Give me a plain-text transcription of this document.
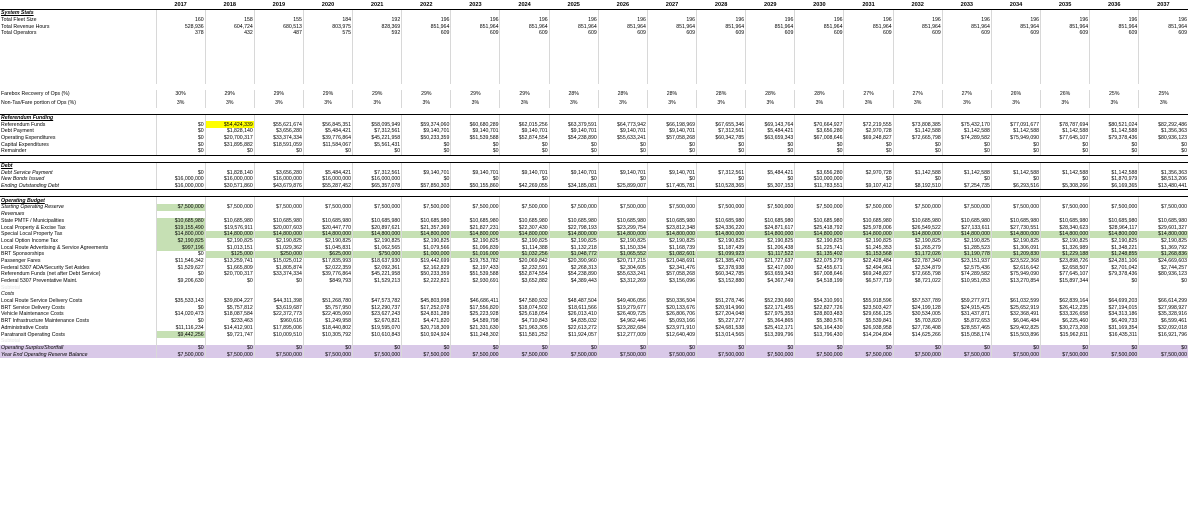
	2017	2018	2019	2020	2021	2022	2023	2024	2025	2026	2027	2028	2029	2030	2031	2032	2033	2034	2035	2036	2037
System Stats																					
Total Fleet Size	160	158	155	184	192	196	196	196	196	196	196	196	196	196	196	196	196	196	196	196	196
Total Revenue Hours	528,936	604,724	680,513	803,975	828,369	851,964	851,964	851,964	851,964	851,964	851,964	851,964	851,964	851,964	851,964	851,964	851,964	851,964	851,964	851,964	851,964
Total Operators	378	432	487	575	592	609	609	609	609	609	609	609	609	609	609	609	609	609	609	609	609

Farebox Recovery of Ops (%)	30%	29%	29%	29%	29%	29%	29%	29%	28%	28%	28%	28%	28%	28%	27%	27%	27%	26%	26%	25%	25%
Non-Tax/Fare portion of Ops (%)	3%	3%	3%	3%	3%	3%	3%	3%	3%	3%	3%	3%	3%	3%	3%	3%	3%	3%	3%	3%	3%

Referendum Funding																					
Referendum Funds	$0	$54,424,339	$55,621,674	$56,845,351	$58,095,949	$59,374,060	$60,680,289	$62,015,256	$63,379,591	$64,773,942	$66,198,969	$67,655,346	$69,143,764	$70,664,927	$72,219,555	$73,808,385	$75,432,170	$77,091,677	$78,787,694	$80,521,024	$82,292,486
Debt Payment	$0	$1,828,140	$3,656,280	$5,484,421	$7,312,561	$9,140,701	$9,140,701	$9,140,701	$9,140,701	$9,140,701	$9,140,701	$7,312,561	$5,484,421	$3,656,280	$2,970,728	$1,142,588	$1,142,588	$1,142,588	$1,142,588	$1,142,588	$1,356,363
Operating Expenditures	$0	$20,700,317	$33,374,334	$39,776,864	$45,221,958	$50,233,359	$51,539,588	$52,874,554	$54,238,890	$55,633,241	$57,058,268	$60,342,785	$63,659,343	$67,008,646	$69,248,827	$72,665,798	$74,289,582	$75,949,090	$77,645,107	$79,378,436	$80,936,123
Capital Expenditures	$0	$31,895,882	$18,591,059	$11,584,067	$5,561,431	$0	$0	$0	$0	$0	$0	$0	$0	$0	$0	$0	$0	$0	$0	$0	$0
Remainder	$0	$0	$0	$0	$0	$0	$0	$0	$0	$0	$0	$0	$0	$0	$0	$0	$0	$0	$0	$0	$0

Debt																					
Debt Service Payment	$0	$1,828,140	$3,656,280	$5,484,421	$7,312,561	$9,140,701	$9,140,701	$9,140,701	$9,140,701	$9,140,701	$9,140,701	$7,312,561	$5,484,421	$3,656,280	$2,970,728	$1,142,588	$1,142,588	$1,142,588	$1,142,588	$1,142,588	$1,356,363
New Bonds Issued	$16,000,000	$16,000,000	$16,000,000	$16,000,000	$16,000,000	$0	$0	$0	$0	$0	$0	$0	$0	$10,000,000	$0	$0	$0	$0	$0	$1,870,979	$8,513,206
Ending Outstanding Debt	$16,000,000	$30,571,860	$43,679,876	$55,287,452	$65,357,078	$57,850,303	$50,155,860	$42,269,055	$34,185,081	$25,899,007	$17,405,781	$10,528,365	$5,307,153	$11,783,551	$9,107,412	$8,192,510	$7,254,735	$6,293,516	$5,308,266	$6,169,365	$13,480,441

Operating Budget																					
Starting Operating Reserve	$7,500,000	$7,500,000	$7,500,000	$7,500,000	$7,500,000	$7,500,000	$7,500,000	$7,500,000	$7,500,000	$7,500,000	$7,500,000	$7,500,000	$7,500,000	$7,500,000	$7,500,000	$7,500,000	$7,500,000	$7,500,000	$7,500,000	$7,500,000	$7,500,000
Revenues																					
State PMTF / Municipalities	$10,685,980	$10,685,980	$10,685,980	$10,685,980	$10,685,980	$10,685,980	$10,685,980	$10,685,980	$10,685,980	$10,685,980	$10,685,980	$10,685,980	$10,685,980	$10,685,980	$10,685,980	$10,685,980	$10,685,980	$10,685,980	$10,685,980	$10,685,980	$10,685,980
Local Property & Excise Tax	$19,155,490	$19,576,911	$20,007,603	$20,447,770	$20,897,621	$21,357,369	$21,827,231	$22,307,430	$22,798,193	$23,299,754	$23,812,348	$24,336,220	$24,871,617	$25,418,792	$25,978,006	$26,549,522	$27,133,611	$27,730,551	$28,340,623	$28,964,117	$29,601,327
Special Local Property Tax	$14,800,000	$14,800,000	$14,800,000	$14,800,000	$14,800,000	$14,800,000	$14,800,000	$14,800,000	$14,800,000	$14,800,000	$14,800,000	$14,800,000	$14,800,000	$14,800,000	$14,800,000	$14,800,000	$14,800,000	$14,800,000	$14,800,000	$14,800,000	$14,800,000
Local Option Income Tax	$2,190,825	$2,190,825	$2,190,825	$2,190,825	$2,190,825	$2,190,825	$2,190,825	$2,190,825	$2,190,825	$2,190,825	$2,190,825	$2,190,825	$2,190,825	$2,190,825	$2,190,825	$2,190,825	$2,190,825	$2,190,825	$2,190,825	$2,190,825	$2,190,825
Local Route Advertising & Service Agreements	$997,196	$1,013,151	$1,029,362	$1,045,831	$1,062,565	$1,079,566	$1,096,839	$1,114,388	$1,132,218	$1,150,334	$1,168,739	$1,187,439	$1,206,438	$1,225,741	$1,245,353	$1,265,279	$1,285,523	$1,306,091	$1,326,989	$1,348,221	$1,369,792
BRT Sponsorships	$0	$125,000	$250,000	$625,000	$750,000	$1,000,000	$1,016,000	$1,032,256	$1,048,772	$1,065,552	$1,082,601	$1,099,923	$1,117,522	$1,135,402	$1,153,568	$1,172,026	$1,190,778	$1,209,830	$1,229,188	$1,248,855	$1,268,836
Passenger Fares	$11,546,342	$13,259,741	$15,025,012	$17,835,993	$18,637,930	$19,442,699	$19,753,782	$20,069,842	$20,390,960	$20,717,215	$21,048,691	$21,385,470	$21,727,637	$22,075,279	$22,428,484	$22,787,340	$23,151,937	$23,522,368	$23,898,726	$24,281,106	$24,669,603
Federal 5307 ADA/Security Set Asides	$1,529,627	$1,665,809	$1,805,874	$2,022,359	$2,092,361	$2,162,829	$2,197,433	$2,232,591	$2,268,313	$2,304,605	$2,341,476	$2,378,938	$2,417,000	$2,455,671	$2,494,961	$2,534,879	$2,575,436	$2,616,642	$2,658,507	$2,701,042	$2,744,257
Referendum Funds (net after Debt Service)	$0	$20,700,317	$33,374,334	$39,776,864	$45,221,958	$50,233,359	$51,539,588	$52,874,554	$54,238,890	$55,633,241	$57,058,268	$60,342,785	$63,659,343	$67,008,646	$69,248,827	$72,665,798	$74,289,582	$75,949,090	$77,645,107	$79,378,436	$80,936,123
Federal 5307 Preventative Maint.	$9,206,630	$0	$0	$849,793	$1,529,213	$2,222,821	$2,930,691	$3,652,882	$4,389,443	$3,312,269	$3,156,096	$3,152,880	$4,367,749	$4,518,199	$6,577,719	$8,721,022	$10,951,053	$13,270,854	$15,897,344	$0	$0
Subtotal																					
Costs																					
Local Route Service Delivery Costs	$35,533,143	$39,804,227	$44,311,398	$51,268,780	$47,573,782	$45,803,998	$46,686,411	$47,580,932	$48,487,504	$49,406,056	$50,336,504	$51,278,746	$52,230,660	$54,310,991	$55,918,596	$57,537,789	$59,277,971	$61,032,599	$62,839,164	$64,699,203	$66,614,299
BRT Service Delivery Costs	$0	$5,757,812	$3,619,687	$5,757,950	$12,290,737	$17,252,078	$17,556,820	$18,074,502	$18,611,566	$19,279,677	$20,133,676	$20,914,960	$22,171,455	$22,827,726	$23,503,427	$24,199,128	$24,915,425	$25,652,919	$26,412,235	$27,194,015	$27,998,927
Vehicle Maintenance Costs	$14,020,473	$18,087,584	$22,372,773	$22,405,060	$23,627,243	$24,831,289	$25,223,928	$25,618,054	$26,013,410	$26,409,725	$26,806,706	$27,204,048	$27,975,353	$28,803,483	$29,656,125	$30,534,005	$31,437,871	$32,368,491	$33,326,658	$34,313,186	$35,328,916
BRT Infrastructure Maintenance Costs	$0	$233,463	$960,616	$1,249,958	$2,670,821	$4,471,820	$4,589,798	$4,710,843	$4,835,032	$4,962,446	$5,093,166	$5,227,277	$5,364,865	$5,380,576	$5,539,841	$5,703,820	$5,872,653	$6,046,484	$6,225,460	$6,409,733	$6,599,461
Administrative Costs	$11,116,234	$14,412,901	$17,895,006	$18,440,802	$19,595,070	$20,718,309	$21,331,630	$21,963,305	$22,613,272	$23,282,684	$23,971,910	$24,681,538	$25,412,171	$26,164,430	$26,938,958	$27,736,408	$28,557,465	$29,402,825	$30,273,208	$31,169,354	$32,092,018
Paratransit Operating Costs	$9,442,256	$9,721,747	$10,009,510	$10,305,792	$10,610,843	$10,924,924	$11,248,302	$11,581,252	$11,924,057	$12,277,009	$12,640,409	$13,014,565	$13,399,796	$13,796,430	$14,204,804	$14,625,266	$15,058,174	$15,503,896	$15,962,811	$16,435,311	$16,921,796
Subtotal																					
Operating Surplus/Shortfall	$0	$0	$0	$0	$0	$0	$0	$0	$0	$0	$0	$0	$0	$0	$0	$0	$0	$0	$0	$0	$0
Year End Operating Reserve Balance	$7,500,000	$7,500,000	$7,500,000	$7,500,000	$7,500,000	$7,500,000	$7,500,000	$7,500,000	$7,500,000	$7,500,000	$7,500,000	$7,500,000	$7,500,000	$7,500,000	$7,500,000	$7,500,000	$7,500,000	$7,500,000	$7,500,000	$7,500,000	$7,500,000
